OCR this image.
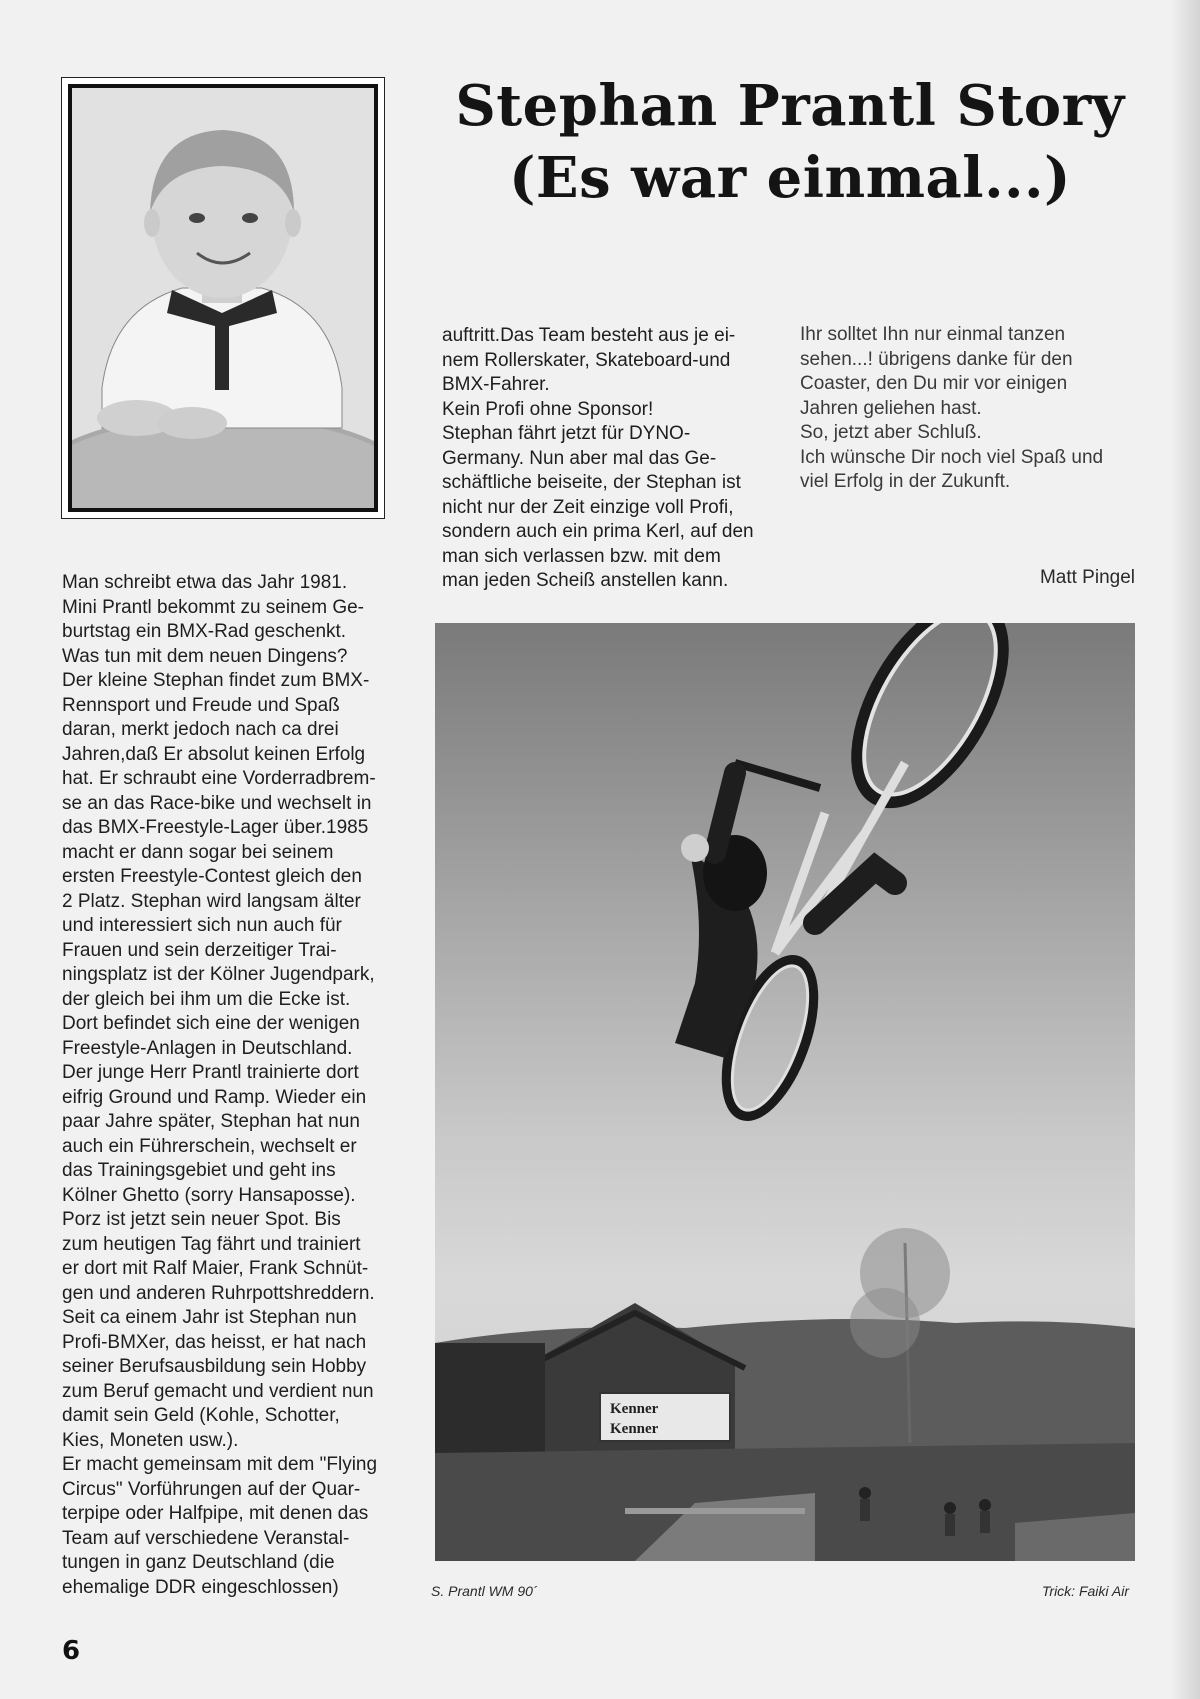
Stephan Prantl Story
(Es war einmal...)

Man schreibt etwa das Jahr 1981.
Mini Prantl bekommt zu seinem Ge-
burtstag ein BMX-Rad geschenkt.
Was tun mit dem neuen Dingens?
Der kleine Stephan findet zum BMX-
Rennsport und Freude und Spaß
daran, merkt jedoch nach ca drei
Jahren,daß Er absolut keinen Erfolg
hat. Er schraubt eine Vorderradbrem-
se an das Race-bike und wechselt in
das BMX-Freestyle-Lager über.1985
macht er dann sogar bei seinem
ersten Freestyle-Contest gleich den
2 Platz. Stephan wird langsam älter
und interessiert sich nun auch für
Frauen und sein derzeitiger Trai-
ningsplatz ist der Kölner Jugendpark,
der gleich bei ihm um die Ecke ist.
Dort befindet sich eine der wenigen
Freestyle-Anlagen in Deutschland.
Der junge Herr Prantl trainierte dort
eifrig Ground und Ramp. Wieder ein
paar Jahre später, Stephan hat nun
auch ein Führerschein, wechselt er
das Trainingsgebiet und geht ins
Kölner Ghetto (sorry Hansaposse).
Porz ist jetzt sein neuer Spot. Bis
zum heutigen Tag fährt und trainiert
er dort mit Ralf Maier, Frank Schnüt-
gen und anderen Ruhrpottshreddern.
Seit ca einem Jahr ist Stephan nun
Profi-BMXer, das heisst, er hat nach
seiner Berufsausbildung sein Hobby
zum Beruf gemacht und verdient nun
damit sein Geld (Kohle, Schotter,
Kies, Moneten usw.).
Er macht gemeinsam mit dem "Flying
Circus" Vorführungen auf der Quar-
terpipe oder Halfpipe, mit denen das
Team auf verschiedene Veranstal-
tungen in ganz Deutschland (die
ehemalige DDR eingeschlossen)

auftritt.Das Team besteht aus je ei-
nem Rollerskater, Skateboard-und
BMX-Fahrer.
Kein Profi ohne Sponsor!
Stephan fährt jetzt für DYNO-
Germany. Nun aber mal das Ge-
schäftliche beiseite, der Stephan ist
nicht nur der Zeit einzige voll Profi,
sondern auch ein prima Kerl, auf den
man sich verlassen bzw. mit dem
man jeden Scheiß anstellen kann.

Ihr solltet Ihn nur einmal tanzen
sehen...! übrigens danke für den
Coaster, den Du mir vor einigen
Jahren geliehen hast.
So, jetzt aber Schluß.
Ich wünsche Dir noch viel Spaß und
viel Erfolg in der Zukunft.

Matt Pingel
Kenner
Kenner
S. Prantl WM 90´	Trick: Faiki Air
6
